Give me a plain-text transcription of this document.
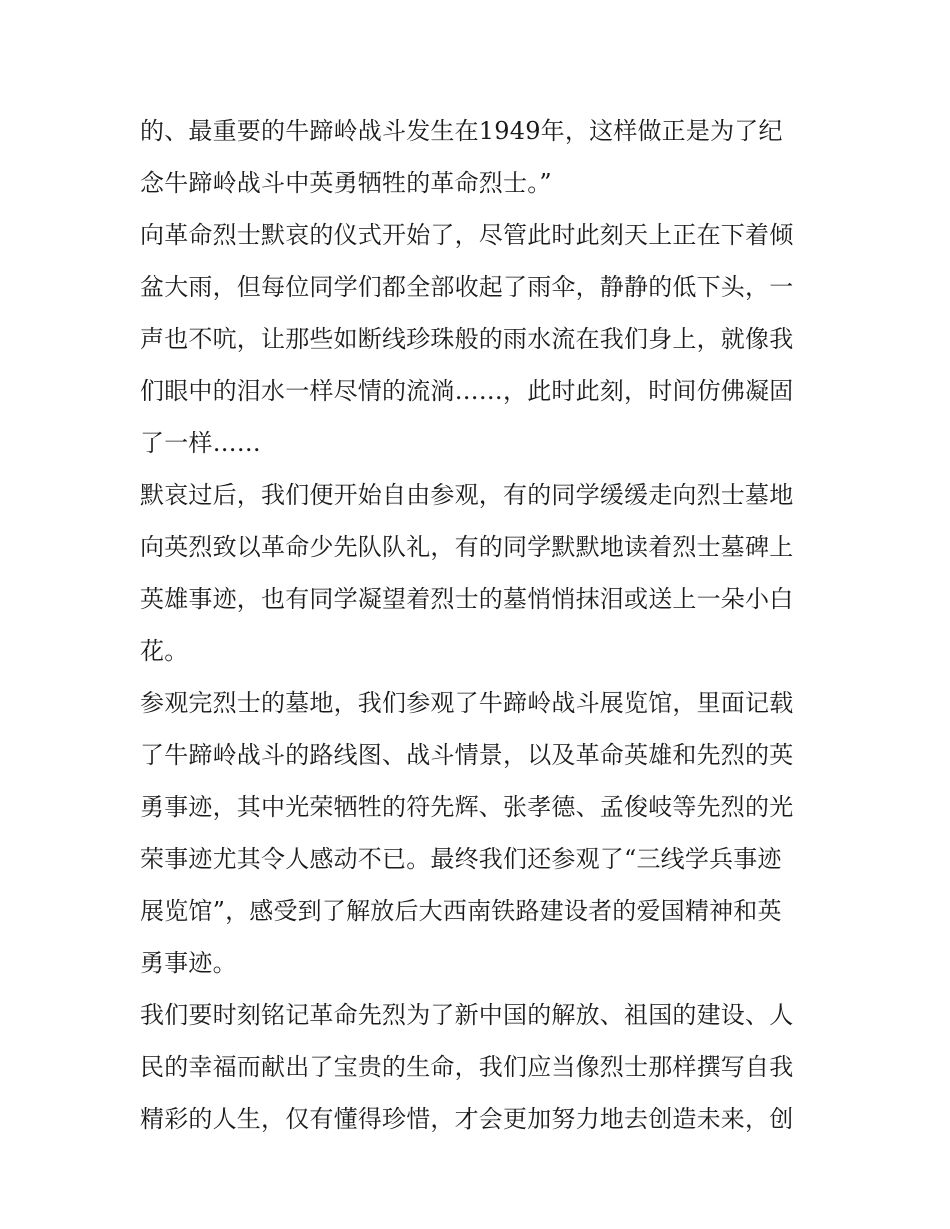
的、最重要的牛蹄岭战斗发生在1949年，这样做正是为了纪
念牛蹄岭战斗中英勇牺牲的革命烈士。”
向革命烈士默哀的仪式开始了，尽管此时此刻天上正在下着倾
盆大雨，但每位同学们都全部收起了雨伞，静静的低下头，一
声也不吭，让那些如断线珍珠般的雨水流在我们身上，就像我
们眼中的泪水一样尽情的流淌……，此时此刻，时间仿佛凝固
了一样……
默哀过后，我们便开始自由参观，有的同学缓缓走向烈士墓地
向英烈致以革命少先队队礼，有的同学默默地读着烈士墓碑上
英雄事迹，也有同学凝望着烈士的墓悄悄抹泪或送上一朵小白
花。
参观完烈士的墓地，我们参观了牛蹄岭战斗展览馆，里面记载
了牛蹄岭战斗的路线图、战斗情景，以及革命英雄和先烈的英
勇事迹，其中光荣牺牲的符先辉、张孝德、孟俊岐等先烈的光
荣事迹尤其令人感动不已。最终我们还参观了“三线学兵事迹
展览馆”，感受到了解放后大西南铁路建设者的爱国精神和英
勇事迹。
我们要时刻铭记革命先烈为了新中国的解放、祖国的建设、人
民的幸福而献出了宝贵的生命，我们应当像烈士那样撰写自我
精彩的人生，仅有懂得珍惜，才会更加努力地去创造未来，创
